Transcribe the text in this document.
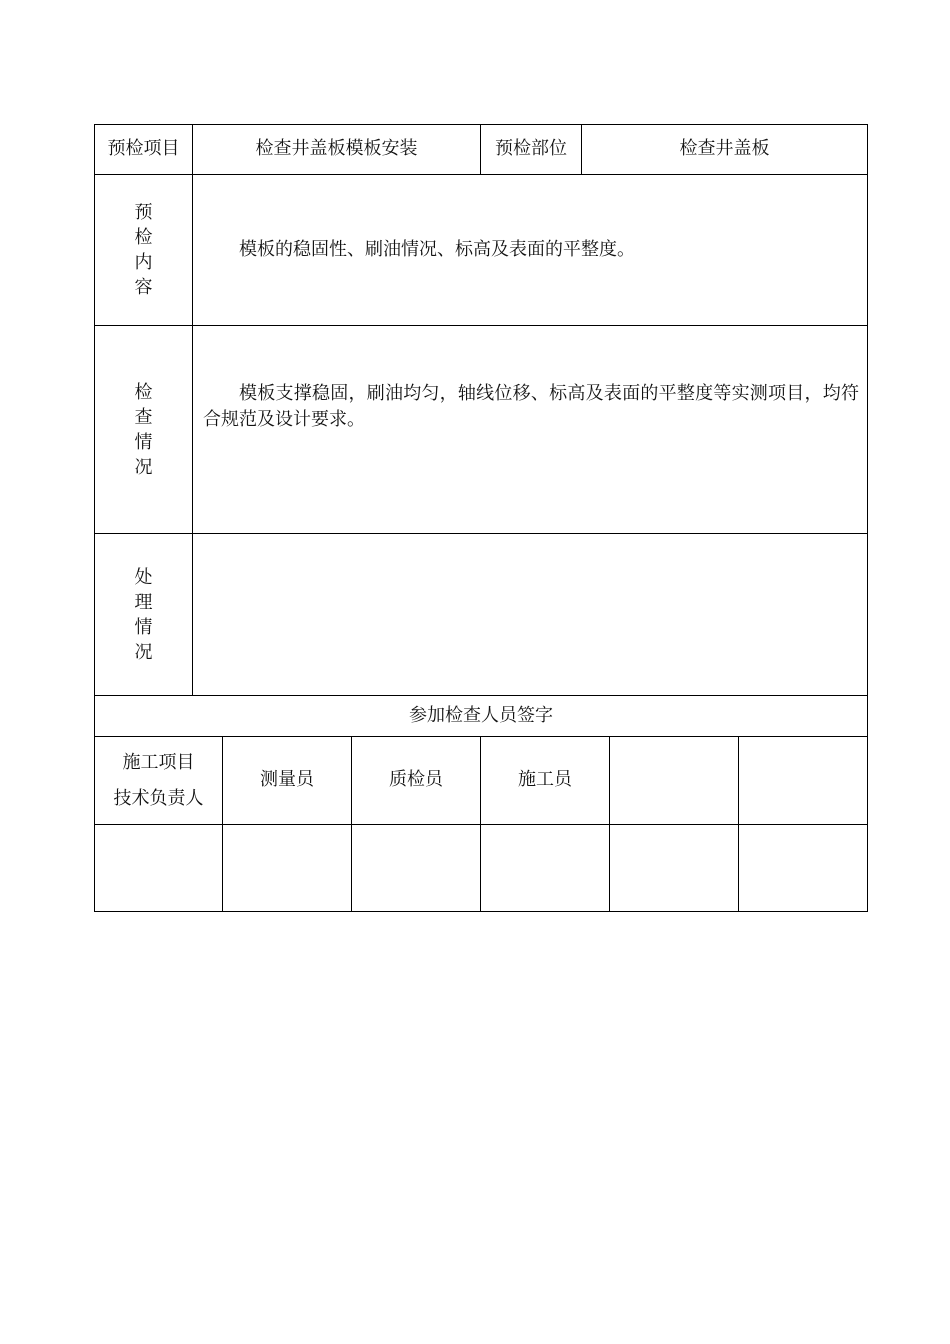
预检项目	检查井盖板模板安装			预检部位	检查井盖板		

预
检
内
容	模板的稳固性、刷油情况、标高及表面的平整度。						

检
查
情
况	模板支撑稳固，刷油均匀，轴线位移、标高及表面的平整度等实测项目，均符合规范及设计要求。						

处
理
情
况							

参加检查人员签字							

施工项目
技术负责人		测量员	质检员	施工员			
